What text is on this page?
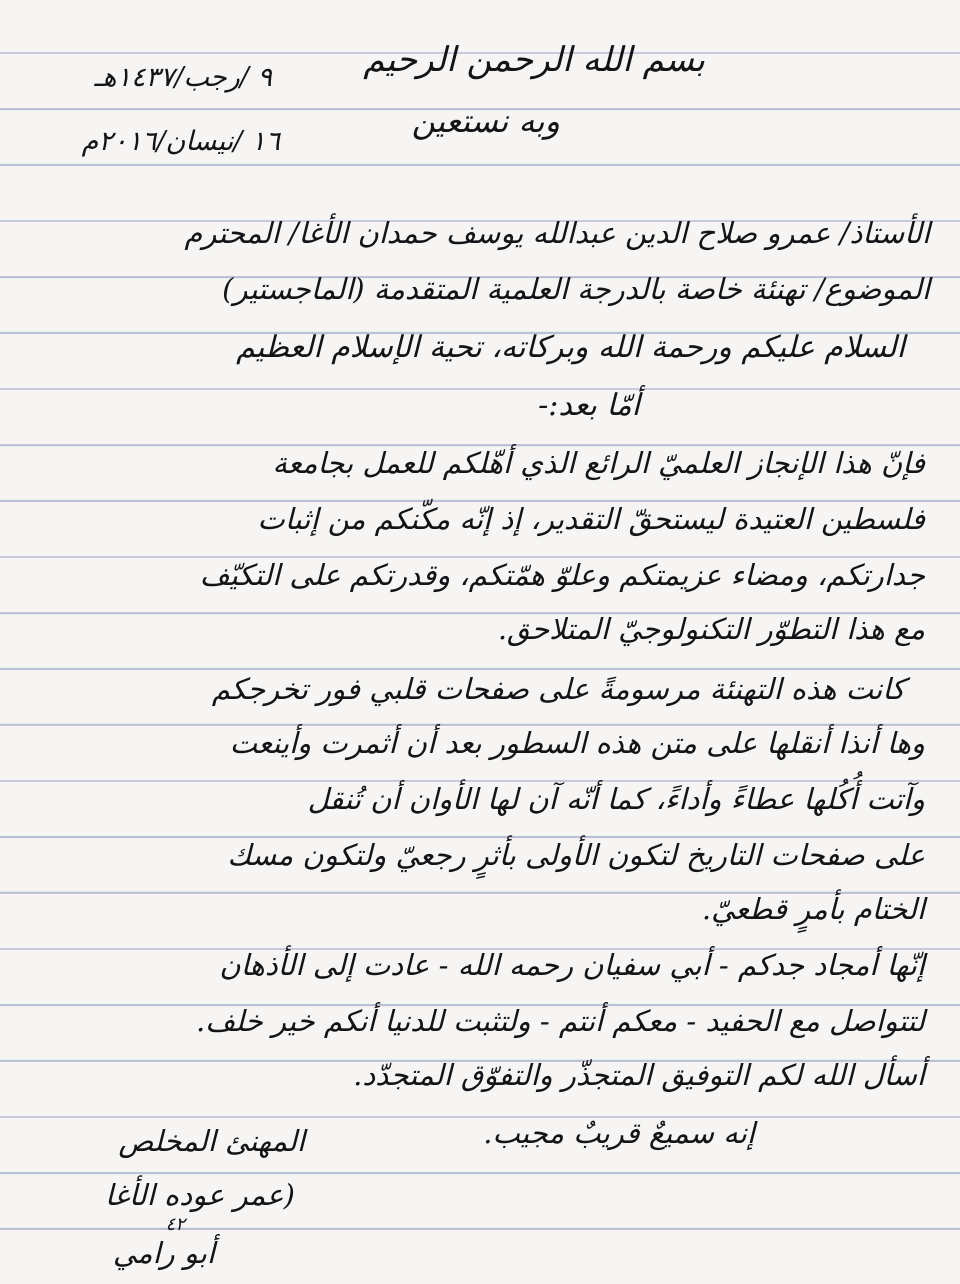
بسم الله الرحمن الرحيم
٩ /رجب/١٤٣٧هـ
وبه نستعين
١٦ /نيسان/٢٠١٦م
الأستاذ/ عمرو صلاح الدين عبدالله يوسف حمدان الأغا/ المحترم
الموضوع/ تهنئة خاصة بالدرجة العلمية المتقدمة (الماجستير)
السلام عليكم ورحمة الله وبركاته، تحية الإسلام العظيم
أمّا بعد:-
فإنّ هذا الإنجاز العلميّ الرائع الذي أهّلكم للعمل بجامعة
فلسطين العتيدة ليستحقّ التقدير، إذ إنّه مكّنكم من إثبات
جدارتكم، ومضاء عزيمتكم وعلوّ همّتكم، وقدرتكم على التكيّف
مع هذا التطوّر التكنولوجيّ المتلاحق.
كانت هذه التهنئة مرسومةً على صفحات قلبي فور تخرجكم
وها أنذا أنقلها على متن هذه السطور بعد أن أثمرت وأينعت
وآتت أُكُلها عطاءً وأداءً، كما أنّه آن لها الأوان أن تُنقل
على صفحات التاريخ لتكون الأولى بأثرٍ رجعيّ ولتكون مسك
الختام بأمرٍ قطعيّ.
إنّها أمجاد جدكم - أبي سفيان رحمه الله - عادت إلى الأذهان
لتتواصل مع الحفيد - معكم أنتم - ولتثبت للدنيا أنكم خير خلف.
أسأل الله لكم التوفيق المتجذّر والتفوّق المتجدّد.
إنه سميعٌ قريبٌ مجيب.
المهنئ المخلص
(عمر عوده الأغا
٤٢
أبو رامي
